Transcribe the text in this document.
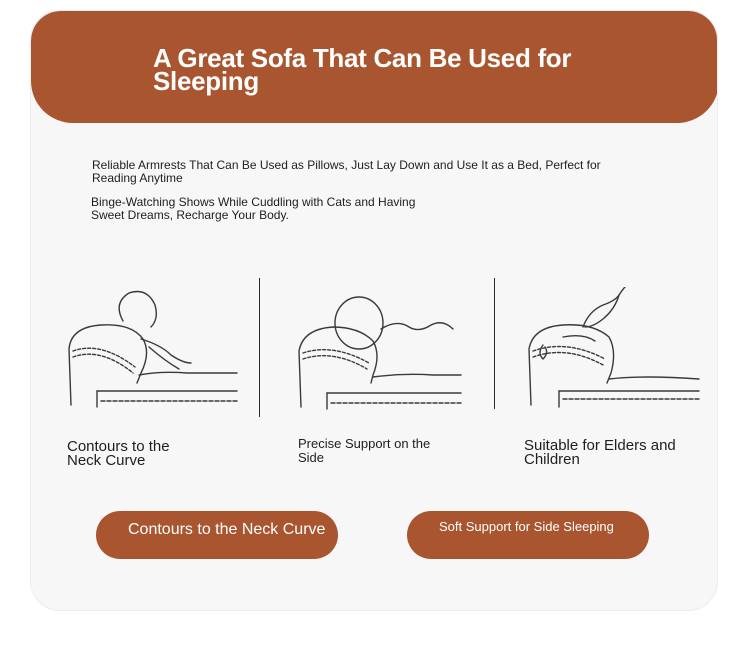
A Great Sofa That Can Be Used for Sleeping
Reliable Armrests That Can Be Used as Pillows, Just Lay Down and Use It as a Bed, Perfect for Reading Anytime
Binge-Watching Shows While Cuddling with Cats and Having Sweet Dreams, Recharge Your Body.
Contours to the Neck Curve
Precise Support on the Side
Suitable for Elders and Children
Contours to the Neck Curve	Soft Support for Side Sleeping
